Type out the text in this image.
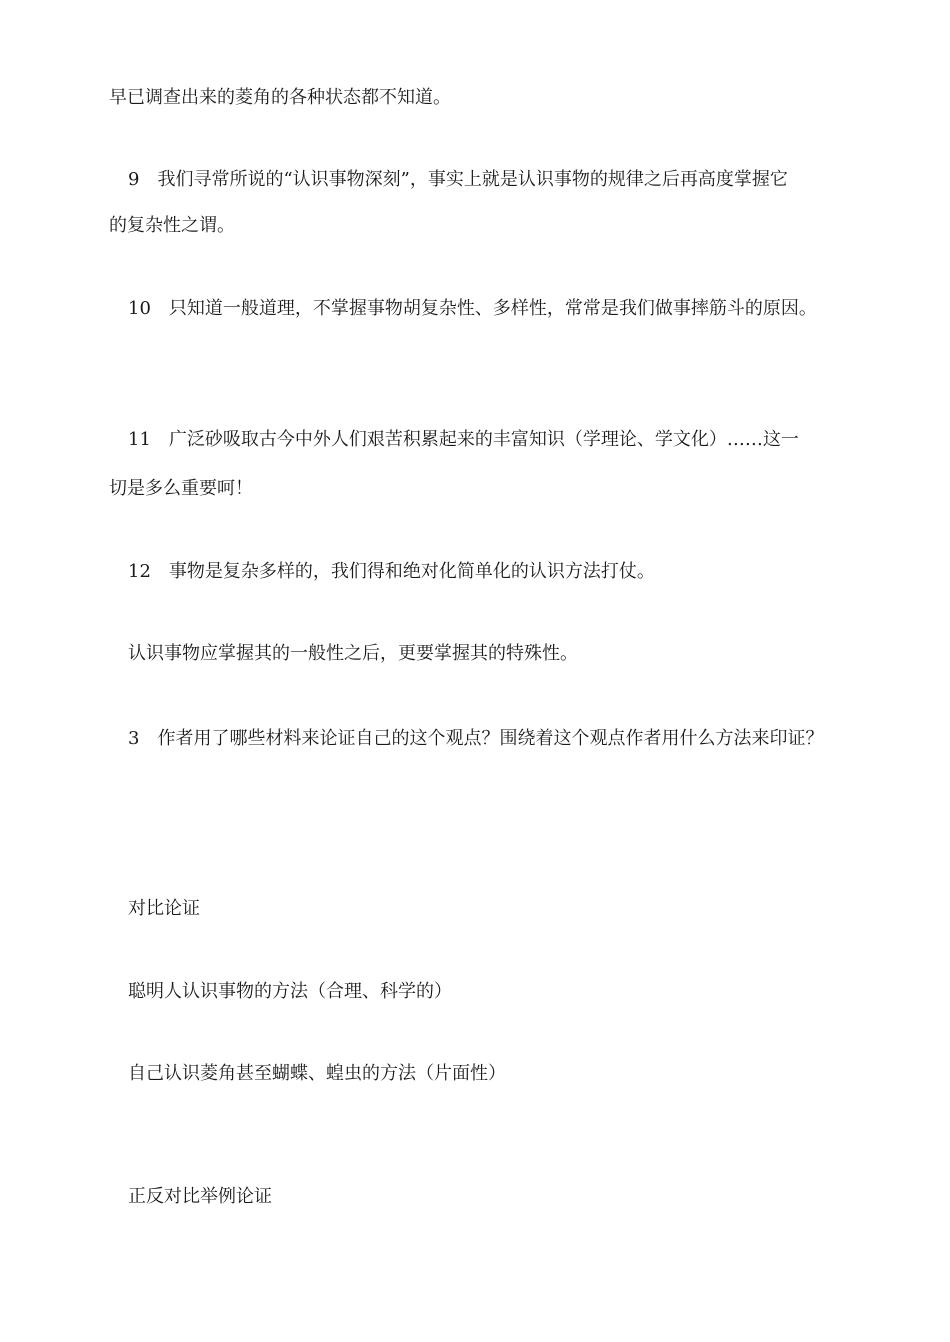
早已调查出来的菱角的各种状态都不知道。
9　我们寻常所说的“认识事物深刻”，事实上就是认识事物的规律之后再高度掌握它
的复杂性之谓。
10　只知道一般道理，不掌握事物胡复杂性、多样性，常常是我们做事摔筋斗的原因。
11　广泛砂吸取古今中外人们艰苦积累起来的丰富知识（学理论、学文化）……这一
切是多么重要呵！
12　事物是复杂多样的，我们得和绝对化简单化的认识方法打仗。
认识事物应掌握其的一般性之后，更要掌握其的特殊性。
3　作者用了哪些材料来论证自己的这个观点？围绕着这个观点作者用什么方法来印证？
对比论证
聪明人认识事物的方法（合理、科学的）
自己认识菱角甚至蝴蝶、蝗虫的方法（片面性）
正反对比举例论证
